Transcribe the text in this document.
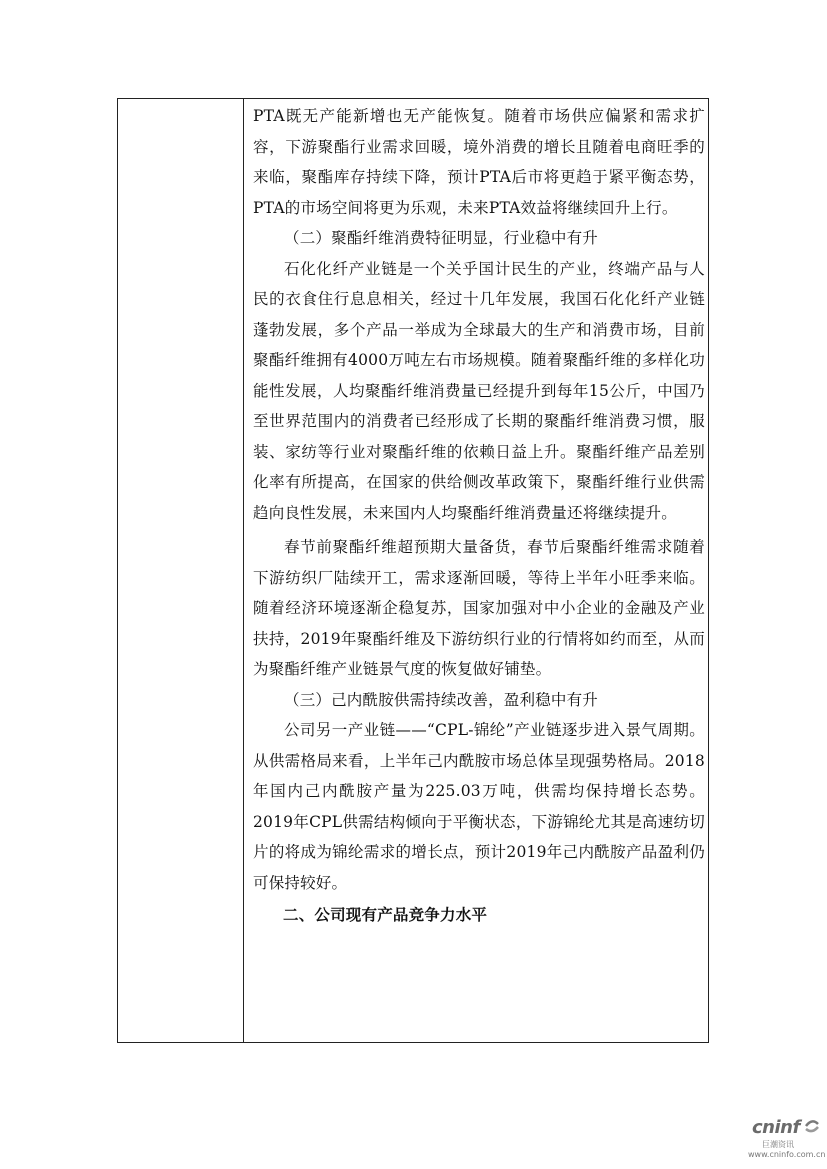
PTA既无产能新增也无产能恢复。随着市场供应偏紧和需求扩容，下游聚酯行业需求回暖，境外消费的增长且随着电商旺季的来临，聚酯库存持续下降，预计PTA后市将更趋于紧平衡态势，PTA的市场空间将更为乐观，未来PTA效益将继续回升上行。

（二）聚酯纤维消费特征明显，行业稳中有升

石化化纤产业链是一个关乎国计民生的产业，终端产品与人民的衣食住行息息相关，经过十几年发展，我国石化化纤产业链蓬勃发展，多个产品一举成为全球最大的生产和消费市场，目前聚酯纤维拥有4000万吨左右市场规模。随着聚酯纤维的多样化功能性发展，人均聚酯纤维消费量已经提升到每年15公斤，中国乃至世界范围内的消费者已经形成了长期的聚酯纤维消费习惯，服装、家纺等行业对聚酯纤维的依赖日益上升。聚酯纤维产品差别化率有所提高，在国家的供给侧改革政策下，聚酯纤维行业供需趋向良性发展，未来国内人均聚酯纤维消费量还将继续提升。

春节前聚酯纤维超预期大量备货，春节后聚酯纤维需求随着下游纺织厂陆续开工，需求逐渐回暖，等待上半年小旺季来临。随着经济环境逐渐企稳复苏，国家加强对中小企业的金融及产业扶持，2019年聚酯纤维及下游纺织行业的行情将如约而至，从而为聚酯纤维产业链景气度的恢复做好铺垫。

（三）己内酰胺供需持续改善，盈利稳中有升

公司另一产业链——“CPL-锦纶”产业链逐步进入景气周期。从供需格局来看，上半年己内酰胺市场总体呈现强势格局。2018年国内己内酰胺产量为225.03万吨，供需均保持增长态势。2019年CPL供需结构倾向于平衡状态，下游锦纶尤其是高速纺切片的将成为锦纶需求的增长点，预计2019年己内酰胺产品盈利仍可保持较好。

二、公司现有产品竞争力水平

cninf
巨潮资讯
www.cninfo.com.cn
